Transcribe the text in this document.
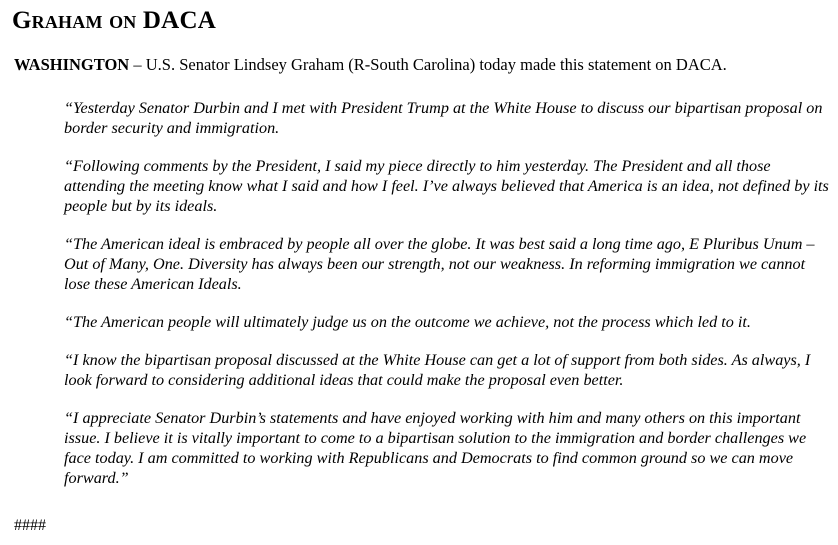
Graham on DACA

WASHINGTON – U.S. Senator Lindsey Graham (R-South Carolina) today made this statement on DACA.

“Yesterday Senator Durbin and I met with President Trump at the White House to discuss our bipartisan proposal on border security and immigration.

“Following comments by the President, I said my piece directly to him yesterday. The President and all those attending the meeting know what I said and how I feel. I’ve always believed that America is an idea, not defined by its people but by its ideals.

“The American ideal is embraced by people all over the globe. It was best said a long time ago, E Pluribus Unum – Out of Many, One. Diversity has always been our strength, not our weakness. In reforming immigration we cannot lose these American Ideals.

“The American people will ultimately judge us on the outcome we achieve, not the process which led to it.

“I know the bipartisan proposal discussed at the White House can get a lot of support from both sides. As always, I look forward to considering additional ideas that could make the proposal even better.

“I appreciate Senator Durbin’s statements and have enjoyed working with him and many others on this important issue. I believe it is vitally important to come to a bipartisan solution to the immigration and border challenges we face today. I am committed to working with Republicans and Democrats to find common ground so we can move forward.”

####
